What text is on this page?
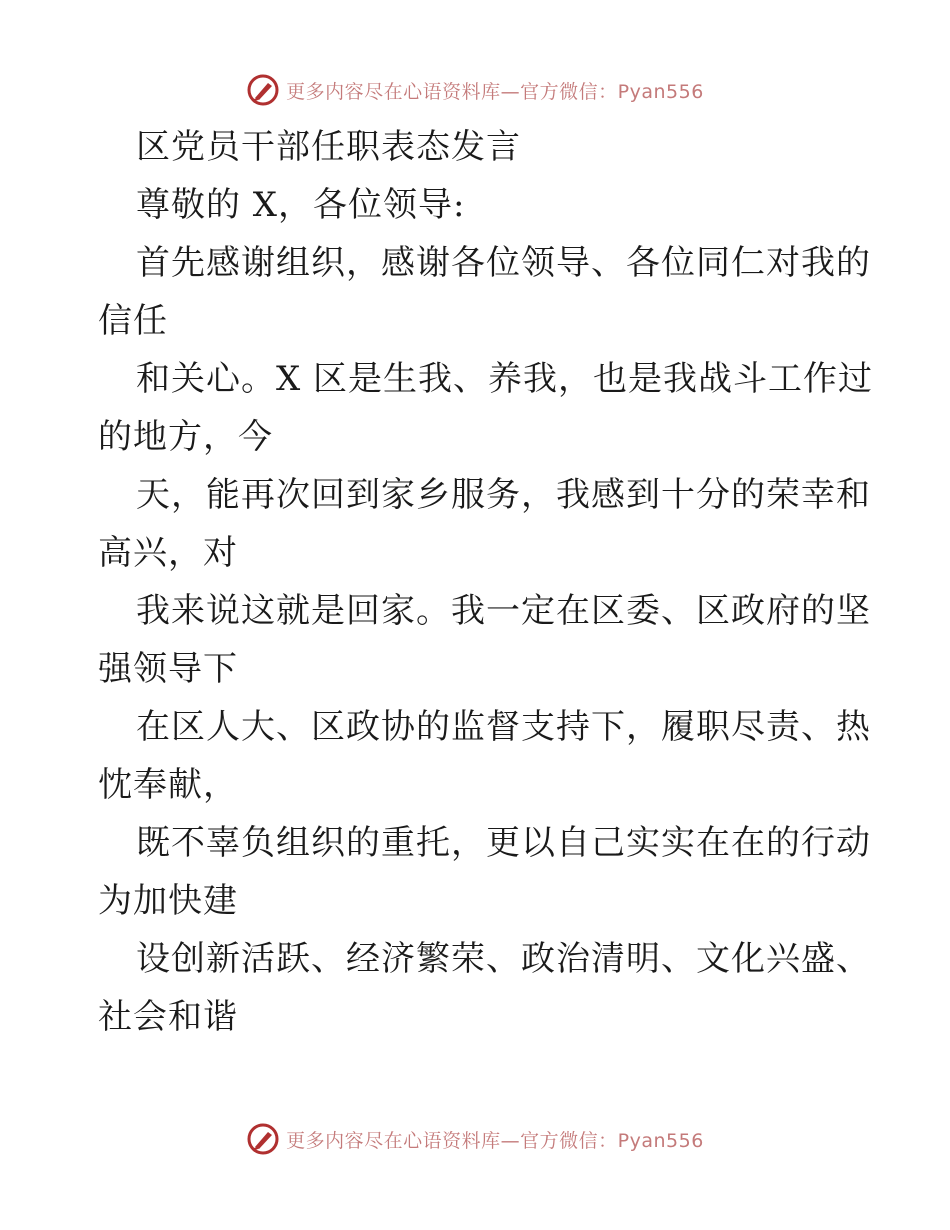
更多内容尽在心语资料库—官方微信：Pyan556
区党员干部任职表态发言
尊敬的 X，各位领导:
首先感谢组织，感谢各位领导、各位同仁对我的
信任
和关心。X 区是生我、养我，也是我战斗工作过
的地方，今
天，能再次回到家乡服务，我感到十分的荣幸和
高兴，对
我来说这就是回家。我一定在区委、区政府的坚
强领导下
在区人大、区政协的监督支持下，履职尽责、热
忱奉献，
既不辜负组织的重托，更以自己实实在在的行动
为加快建
设创新活跃、经济繁荣、政治清明、文化兴盛、
社会和谐
更多内容尽在心语资料库—官方微信：Pyan556
